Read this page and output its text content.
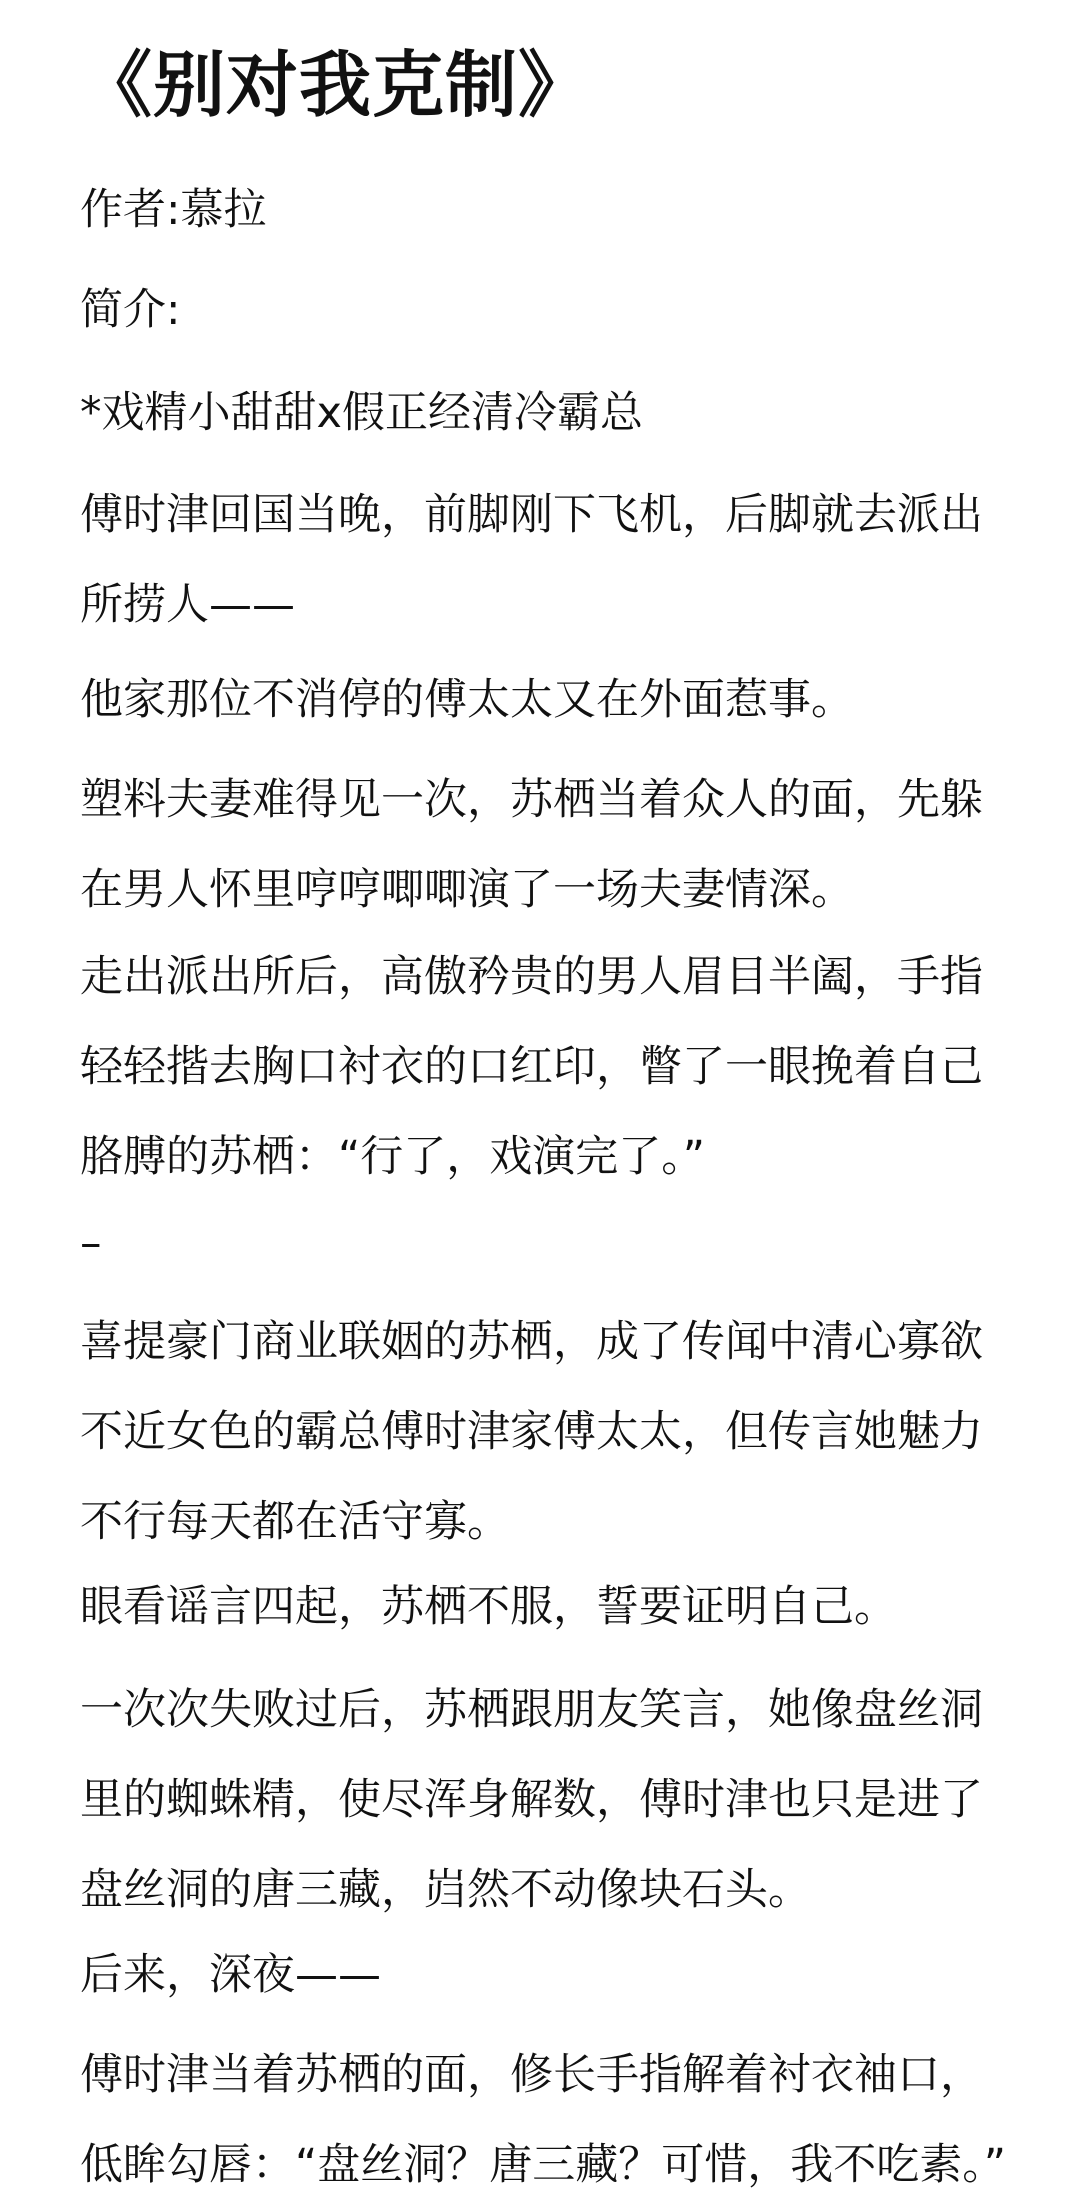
《别对我克制》
作者:慕拉
简介:
*戏精小甜甜x假正经清冷霸总
傅时津回国当晚，前脚刚下飞机，后脚就去派出
所捞人——
他家那位不消停的傅太太又在外面惹事。
塑料夫妻难得见一次，苏栖当着众人的面，先躲
在男人怀里哼哼唧唧演了一场夫妻情深。
走出派出所后，高傲矜贵的男人眉目半阖，手指
轻轻揩去胸口衬衣的口红印，瞥了一眼挽着自己
胳膊的苏栖：“行了，戏演完了。”
–
喜提豪门商业联姻的苏栖，成了传闻中清心寡欲
不近女色的霸总傅时津家傅太太，但传言她魅力
不行每天都在活守寡。
眼看谣言四起，苏栖不服，誓要证明自己。
一次次失败过后，苏栖跟朋友笑言，她像盘丝洞
里的蜘蛛精，使尽浑身解数，傅时津也只是进了
盘丝洞的唐三藏，岿然不动像块石头。
后来，深夜——
傅时津当着苏栖的面，修长手指解着衬衣袖口，
低眸勾唇：“盘丝洞？唐三藏？可惜，我不吃素。”
